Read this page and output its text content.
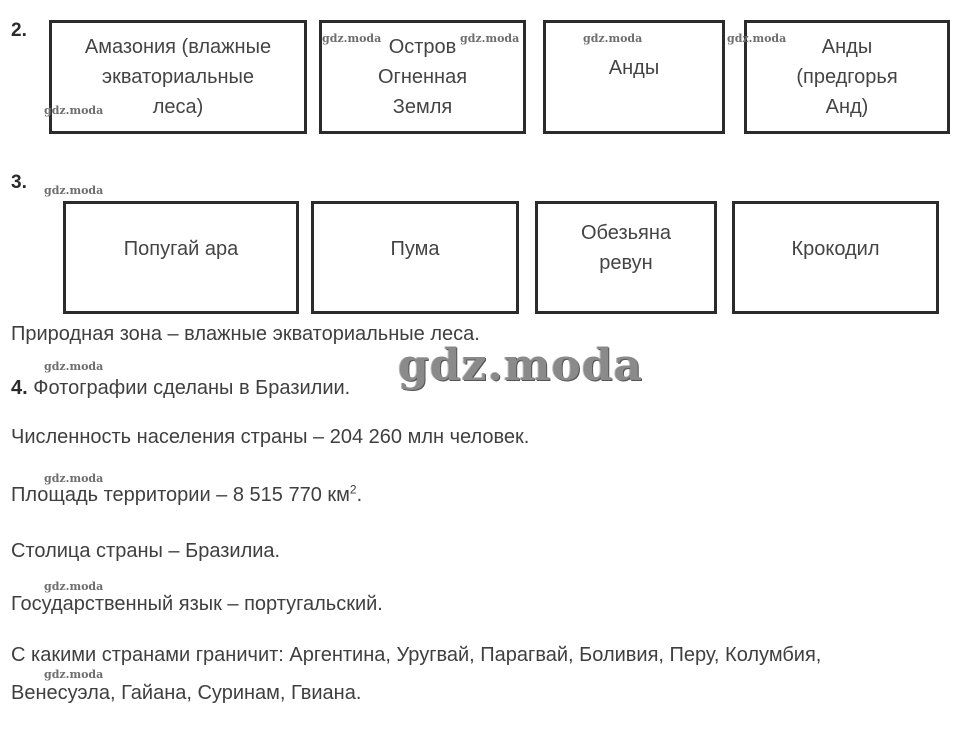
2.
Амазония (влажные
экваториальные
леса)
Остров
Огненная
Земля
Анды
Анды
(предгорья
Анд)
3.
Попугай ара	Пума
Обезьяна
ревун
Крокодил
Природная зона – влажные экваториальные леса.
4. Фотографии сделаны в Бразилии.
Численность населения страны – 204 260 млн человек.
Площадь территории – 8 515 770 $км^2$.
Столица страны – Бразилиа.
Государственный язык – португальский.
С какими странами граничит: Аргентина, Уругвай, Парагвай, Боливия, Перу, Колумбия,
Венесуэла, Гайана, Суринам, Гвиана.
gdz.moda	gdz.moda	gdz.moda	gdz.moda
gdz.moda
gdz.moda
gdz.moda
gdz.moda
gdz.moda
gdz.moda
gdz.moda
